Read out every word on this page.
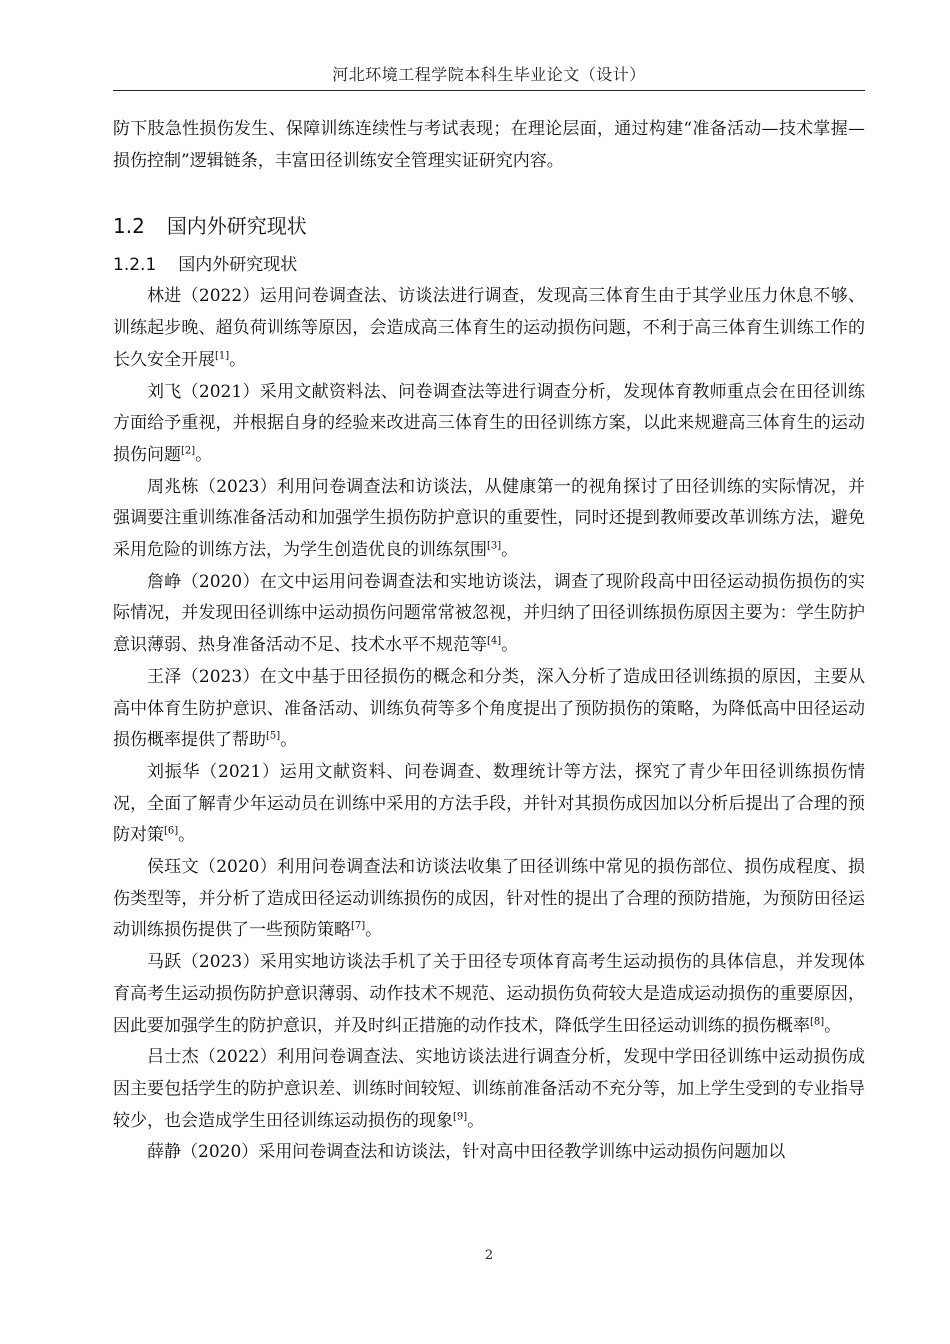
河北环境工程学院本科生毕业论文（设计）

防下肢急性损伤发生、保障训练连续性与考试表现；在理论层面，通过构建“准备活动—技术掌握—损伤控制”逻辑链条，丰富田径训练安全管理实证研究内容。

1.2 国内外研究现状

1.2.1 国内外研究现状

林进（2022）运用问卷调查法、访谈法进行调查，发现高三体育生由于其学业压力休息不够、训练起步晚、超负荷训练等原因，会造成高三体育生的运动损伤问题，不利于高三体育生训练工作的长久安全开展[1]。

刘飞（2021）采用文献资料法、问卷调查法等进行调查分析，发现体育教师重点会在田径训练方面给予重视，并根据自身的经验来改进高三体育生的田径训练方案，以此来规避高三体育生的运动损伤问题[2]。

周兆栋（2023）利用问卷调查法和访谈法，从健康第一的视角探讨了田径训练的实际情况，并强调要注重训练准备活动和加强学生损伤防护意识的重要性，同时还提到教师要改革训练方法，避免采用危险的训练方法，为学生创造优良的训练氛围[3]。

詹峥（2020）在文中运用问卷调查法和实地访谈法，调查了现阶段高中田径运动损伤损伤的实际情况，并发现田径训练中运动损伤问题常常被忽视，并归纳了田径训练损伤原因主要为：学生防护意识薄弱、热身准备活动不足、技术水平不规范等[4]。

王泽（2023）在文中基于田径损伤的概念和分类，深入分析了造成田径训练损的原因，主要从高中体育生防护意识、准备活动、训练负荷等多个角度提出了预防损伤的策略，为降低高中田径运动损伤概率提供了帮助[5]。

刘振华（2021）运用文献资料、问卷调查、数理统计等方法，探究了青少年田径训练损伤情况，全面了解青少年运动员在训练中采用的方法手段，并针对其损伤成因加以分析后提出了合理的预防对策[6]。

侯珏文（2020）利用问卷调查法和访谈法收集了田径训练中常见的损伤部位、损伤成程度、损伤类型等，并分析了造成田径运动训练损伤的成因，针对性的提出了合理的预防措施，为预防田径运动训练损伤提供了一些预防策略[7]。

马跃（2023）采用实地访谈法手机了关于田径专项体育高考生运动损伤的具体信息，并发现体育高考生运动损伤防护意识薄弱、动作技术不规范、运动损伤负荷较大是造成运动损伤的重要原因，因此要加强学生的防护意识，并及时纠正措施的动作技术，降低学生田径运动训练的损伤概率[8]。

吕士杰（2022）利用问卷调查法、实地访谈法进行调查分析，发现中学田径训练中运动损伤成因主要包括学生的防护意识差、训练时间较短、训练前准备活动不充分等，加上学生受到的专业指导较少，也会造成学生田径训练运动损伤的现象[9]。

薛静（2020）采用问卷调查法和访谈法，针对高中田径教学训练中运动损伤问题加以

2
